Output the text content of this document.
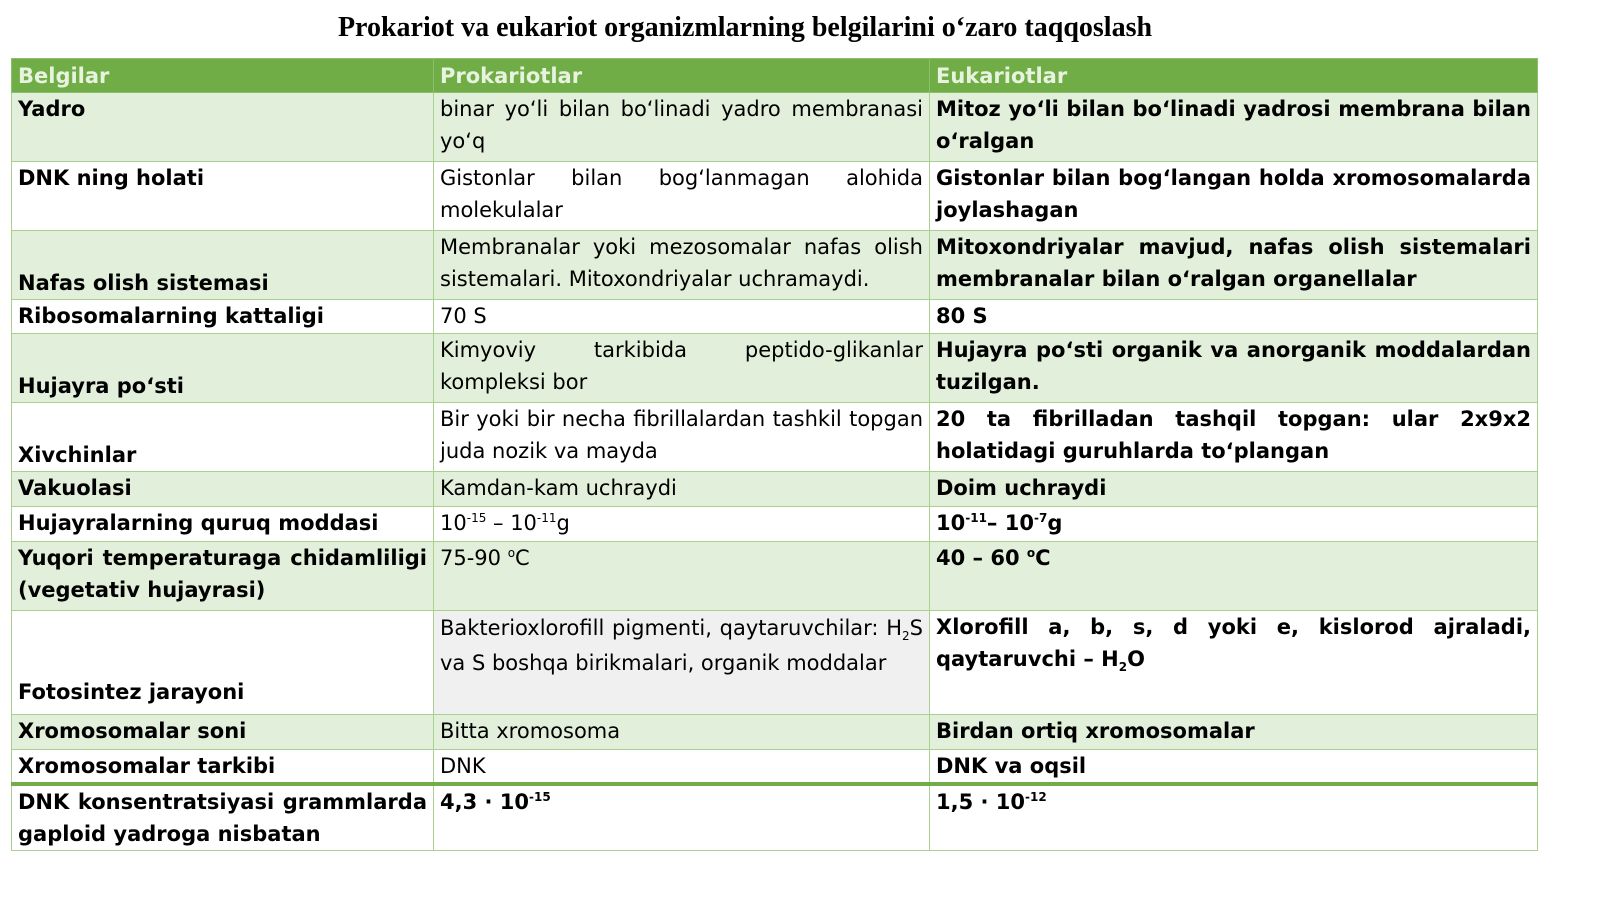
Prokariot va eukariot organizmlarning belgilarini o‘zaro taqqoslash
Belgilar	Prokariotlar	Eukariotlar
Yadro	binar yo‘li bilan bo‘linadi yadro membranasi yo‘q	Mitoz yo‘li bilan bo‘linadi yadrosi membrana bilan o‘ralgan
DNK ning holati	Gistonlar bilan bog‘lanmagan alohida molekulalar	Gistonlar bilan bog‘langan holda xromosomalarda joylashagan
Nafas olish sistemasi	Membranalar yoki mezosomalar nafas olish sistemalari. Mitoxondriyalar uchramaydi.	Mitoxondriyalar mavjud, nafas olish sistemalari membranalar bilan o‘ralgan organellalar
Ribosomalarning kattaligi	70 S	80 S
Hujayra po‘sti	Kimyoviy tarkibida peptido-glikanlar kompleksi bor	Hujayra po‘sti organik va anorganik moddalardan tuzilgan.
Xivchinlar	Bir yoki bir necha fibrillalardan tashkil topgan juda nozik va mayda	20 ta fibrilladan tashqil topgan: ular 2x9x2 holatidagi guruhlarda to‘plangan
Vakuolasi	Kamdan-kam uchraydi	Doim uchraydi
Hujayralarning quruq moddasi	$10^{-15} - 10^{-11}g$	$10^{-11}-$ $10^{-7}g$
Yuqori temperaturaga chidamliligi (vegetativ hujayrasi)	75-90 $^o$C	40 – 60 $^o$C
Fotosintez jarayoni	Bakterioxlorofill pigmenti, qaytaruvchilar: $H_2S$ va S boshqa birikmalari, organik moddalar	Xlorofill a, b, s, d yoki e, kislorod ajraladi, qaytaruvchi – $H_2O$
Xromosomalar soni	Bitta xromosoma	Birdan ortiq xromosomalar
Xromosomalar tarkibi	DNK	DNK va oqsil
DNK konsentratsiyasi grammlarda gaploid yadroga nisbatan	$4,3 \cdot 10^{-15}$	$1,5 \cdot 10^{-12}$
